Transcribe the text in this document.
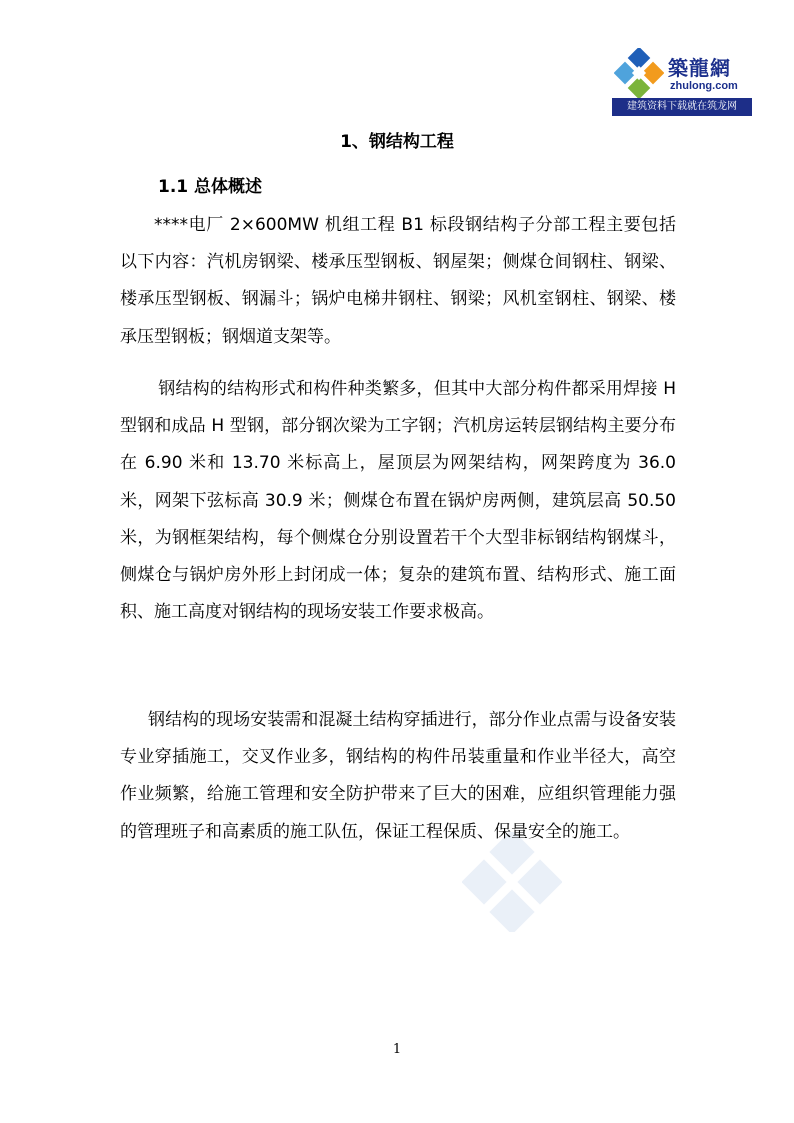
築龍網
zhulong.com
建筑资料下载就在筑龙网
1、钢结构工程
1.1 总体概述

****电厂 2×600MW 机组工程 B1 标段钢结构子分部工程主要包括以下内容：汽机房钢梁、楼承压型钢板、钢屋架；侧煤仓间钢柱、钢梁、楼承压型钢板、钢漏斗；锅炉电梯井钢柱、钢梁；风机室钢柱、钢梁、楼承压型钢板；钢烟道支架等。

钢结构的结构形式和构件种类繁多，但其中大部分构件都采用焊接 H 型钢和成品 H 型钢，部分钢次梁为工字钢；汽机房运转层钢结构主要分布在 6.90 米和 13.70 米标高上，屋顶层为网架结构，网架跨度为 36.0 米，网架下弦标高 30.9 米；侧煤仓布置在锅炉房两侧，建筑层高 50.50 米，为钢框架结构，每个侧煤仓分别设置若干个大型非标钢结构钢煤斗，侧煤仓与锅炉房外形上封闭成一体；复杂的建筑布置、结构形式、施工面积、施工高度对钢结构的现场安装工作要求极高。

钢结构的现场安装需和混凝土结构穿插进行，部分作业点需与设备安装专业穿插施工，交叉作业多，钢结构的构件吊装重量和作业半径大，高空作业频繁，给施工管理和安全防护带来了巨大的困难，应组织管理能力强的管理班子和高素质的施工队伍，保证工程保质、保量安全的施工。

1
